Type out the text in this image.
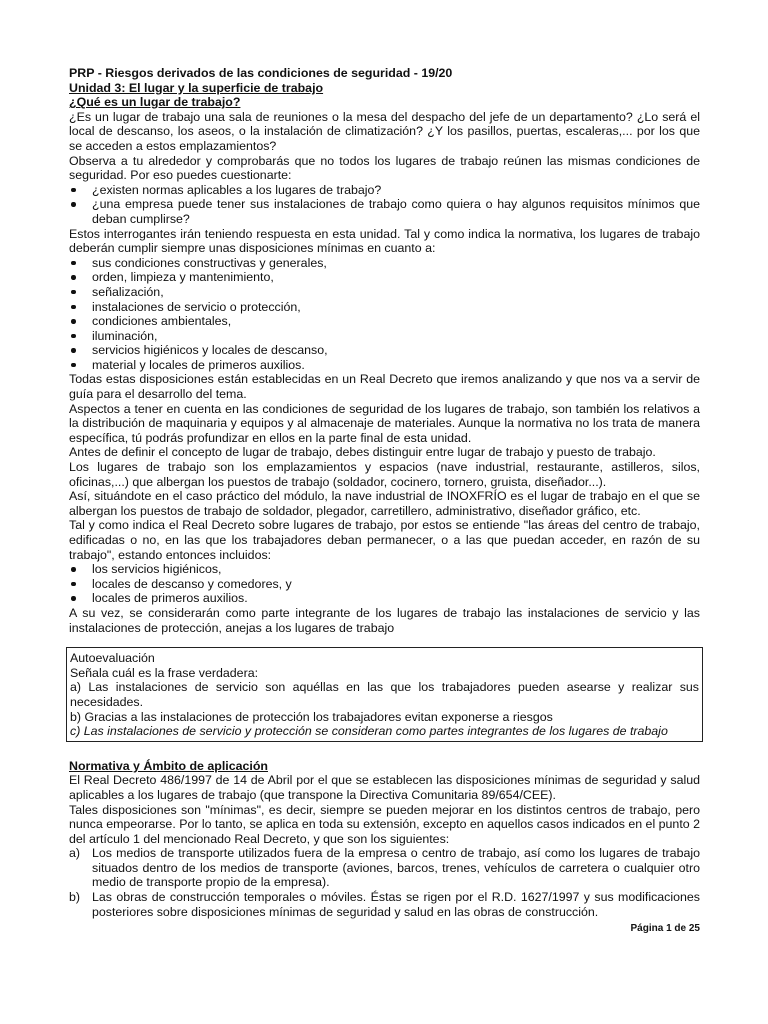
PRP - Riesgos derivados de las condiciones de seguridad - 19/20

Unidad 3: El lugar y la superficie de trabajo

¿Qué es un lugar de trabajo?

¿Es un lugar de trabajo una sala de reuniones o la mesa del despacho del jefe de un departamento? ¿Lo será el local de descanso, los aseos, o la instalación de climatización? ¿Y los pasillos, puertas, escaleras,... por los que se acceden a estos emplazamientos?

Observa a tu alrededor y comprobarás que no todos los lugares de trabajo reúnen las mismas condiciones de seguridad. Por eso puedes cuestionarte:

¿existen normas aplicables a los lugares de trabajo?
¿una empresa puede tener sus instalaciones de trabajo como quiera o hay algunos requisitos mínimos que deban cumplirse?

Estos interrogantes irán teniendo respuesta en esta unidad. Tal y como indica la normativa, los lugares de trabajo deberán cumplir siempre unas disposiciones mínimas en cuanto a:

sus condiciones constructivas y generales,
orden, limpieza y mantenimiento,
señalización,
instalaciones de servicio o protección,
condiciones ambientales,
iluminación,
servicios higiénicos y locales de descanso,
material y locales de primeros auxilios.

Todas estas disposiciones están establecidas en un Real Decreto que iremos analizando y que nos va a servir de guía para el desarrollo del tema.

Aspectos a tener en cuenta en las condiciones de seguridad de los lugares de trabajo, son también los relativos a la distribución de maquinaria y equipos y al almacenaje de materiales. Aunque la normativa no los trata de manera específica, tú podrás profundizar en ellos en la parte final de esta unidad.

Antes de definir el concepto de lugar de trabajo, debes distinguir entre lugar de trabajo y puesto de trabajo.

Los lugares de trabajo son los emplazamientos y espacios (nave industrial, restaurante, astilleros, silos, oficinas,...) que albergan los puestos de trabajo (soldador, cocinero, tornero, gruista, diseñador...).

Así, situándote en el caso práctico del módulo, la nave industrial de INOXFRÍO es el lugar de trabajo en el que se albergan los puestos de trabajo de soldador, plegador, carretillero, administrativo, diseñador gráfico, etc.

Tal y como indica el Real Decreto sobre lugares de trabajo, por estos se entiende "las áreas del centro de trabajo, edificadas o no, en las que los trabajadores deban permanecer, o a las que puedan acceder, en razón de su trabajo", estando entonces incluidos:

los servicios higiénicos,
locales de descanso y comedores, y
locales de primeros auxilios.

A su vez, se considerarán como parte integrante de los lugares de trabajo las instalaciones de servicio y las instalaciones de protección, anejas a los lugares de trabajo

Autoevaluación

Señala cuál es la frase verdadera:

a) Las instalaciones de servicio son aquéllas en las que los trabajadores pueden asearse y realizar sus necesidades.

b) Gracias a las instalaciones de protección los trabajadores evitan exponerse a riesgos

c) Las instalaciones de servicio y protección se consideran como partes integrantes de los lugares de trabajo

Normativa y Ámbito de aplicación

El Real Decreto 486/1997 de 14 de Abril por el que se establecen las disposiciones mínimas de seguridad y salud aplicables a los lugares de trabajo (que transpone la Directiva Comunitaria 89/654/CEE).

Tales disposiciones son "mínimas", es decir, siempre se pueden mejorar en los distintos centros de trabajo, pero nunca empeorarse. Por lo tanto, se aplica en toda su extensión, excepto en aquellos casos indicados en el punto 2 del artículo 1 del mencionado Real Decreto, y que son los siguientes:

a) Los medios de transporte utilizados fuera de la empresa o centro de trabajo, así como los lugares de trabajo situados dentro de los medios de transporte (aviones, barcos, trenes, vehículos de carretera o cualquier otro medio de transporte propio de la empresa).
b) Las obras de construcción temporales o móviles. Éstas se rigen por el R.D. 1627/1997 y sus modificaciones posteriores sobre disposiciones mínimas de seguridad y salud en las obras de construcción.
Página 1 de 25
